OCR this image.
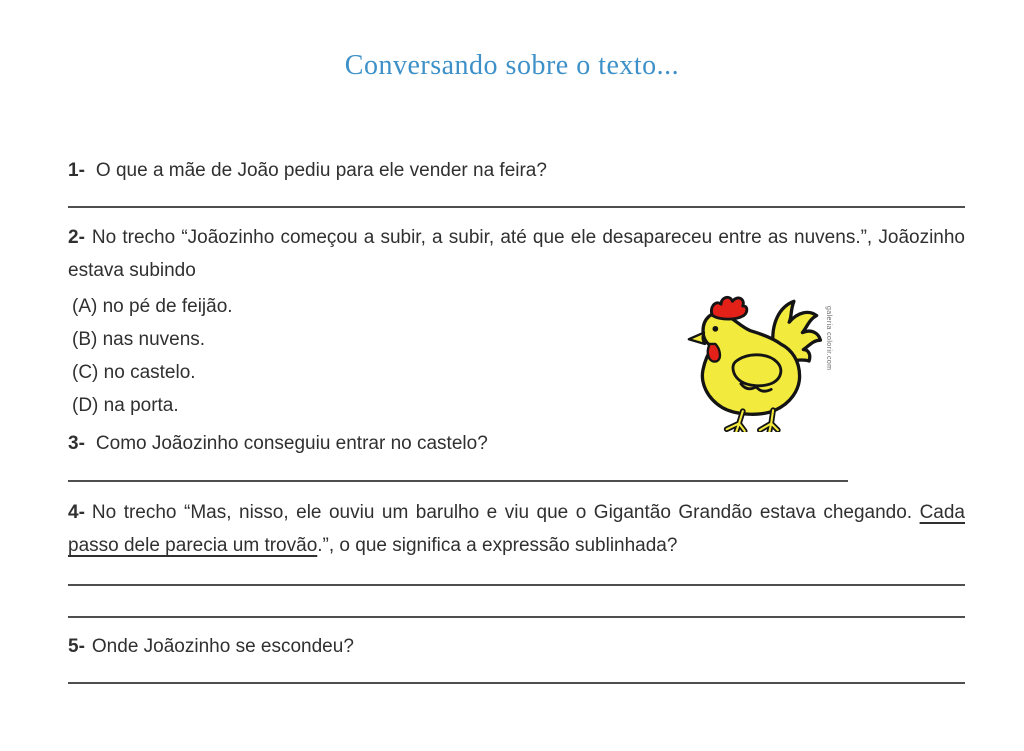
Conversando sobre o texto...
1- O que a mãe de João pediu para ele vender na feira?
2- No trecho “Joãozinho começou a subir, a subir, até que ele desapareceu entre as nuvens.”, Joãozinho estava subindo
(A) no pé de feijão.
(B) nas nuvens.
(C) no castelo.
(D) na porta.
galeria colorir.com
3- Como Joãozinho conseguiu entrar no castelo?
4- No trecho “Mas, nisso, ele ouviu um barulho e viu que o Gigantão Grandão estava chegando. Cada passo dele parecia um trovão.”, o que significa a expressão sublinhada?
5- Onde Joãozinho se escondeu?
